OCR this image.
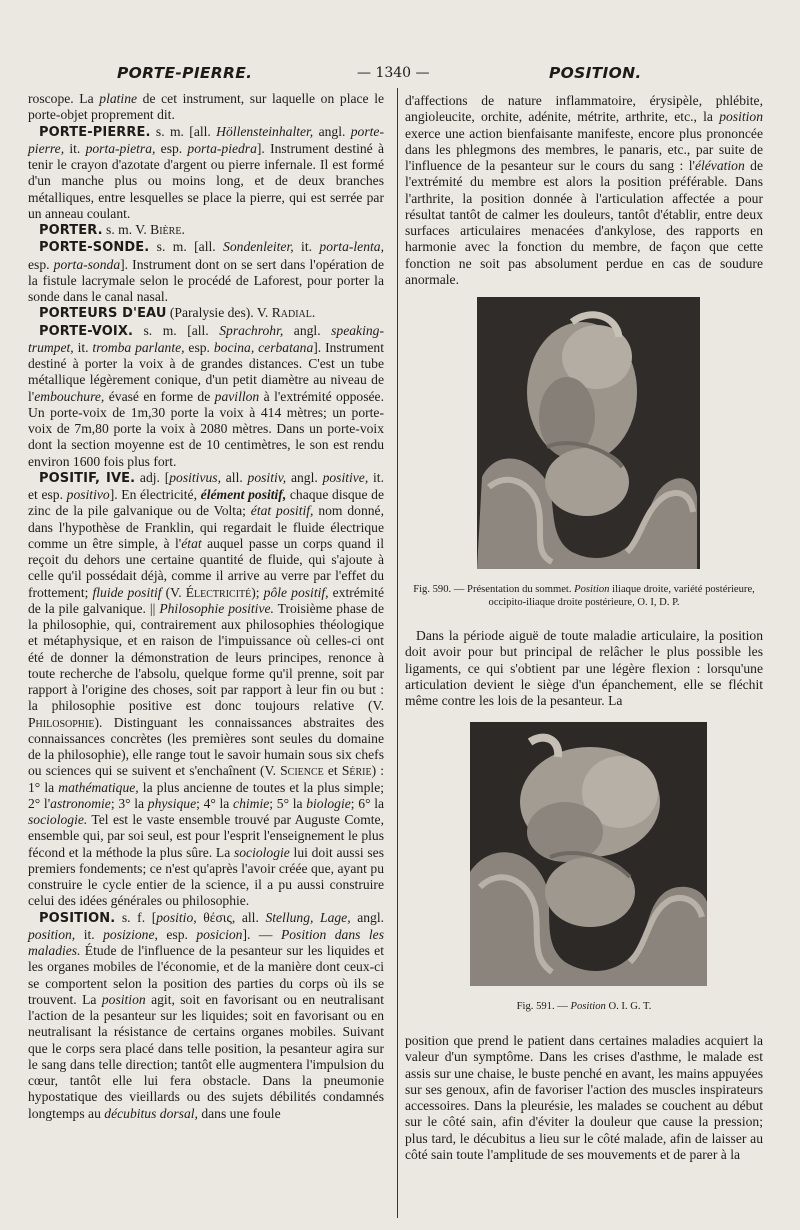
PORTE-PIERRE.	— 1340 —	POSITION.

roscope. La platine de cet instrument, sur laquelle on place le porte-objet proprement dit.

PORTE-PIERRE. s. m. [all. Höllensteinhalter, angl. porte-pierre, it. porta-pietra, esp. porta-piedra]. Instrument destiné à tenir le crayon d'azotate d'argent ou pierre infernale. Il est formé d'un manche plus ou moins long, et de deux branches métalliques, entre lesquelles se place la pierre, qui est serrée par un anneau coulant.

PORTER. s. m. V. Bière.

PORTE-SONDE. s. m. [all. Sondenleiter, it. porta-lenta, esp. porta-sonda]. Instrument dont on se sert dans l'opération de la fistule lacrymale selon le procédé de Laforest, pour porter la sonde dans le canal nasal.

PORTEURS D'EAU (Paralysie des). V. Radial.

PORTE-VOIX. s. m. [all. Sprachrohr, angl. speaking-trumpet, it. tromba parlante, esp. bocina, cerbatana]. Instrument destiné à porter la voix à de grandes distances. C'est un tube métallique légèrement conique, d'un petit diamètre au niveau de l'embouchure, évasé en forme de pavillon à l'extrémité opposée. Un porte-voix de 1m,30 porte la voix à 414 mètres; un porte-voix de 7m,80 porte la voix à 2080 mètres. Dans un porte-voix dont la section moyenne est de 10 centimètres, le son est rendu environ 1600 fois plus fort.

POSITIF, IVE. adj. [positivus, all. positiv, angl. positive, it. et esp. positivo]. En électricité, élément positif, chaque disque de zinc de la pile galvanique ou de Volta; état positif, nom donné, dans l'hypothèse de Franklin, qui regardait le fluide électrique comme un être simple, à l'état auquel passe un corps quand il reçoit du dehors une certaine quantité de fluide, qui s'ajoute à celle qu'il possédait déjà, comme il arrive au verre par l'effet du frottement; fluide positif (V. Électricité); pôle positif, extrémité de la pile galvanique. || Philosophie positive. Troisième phase de la philosophie, qui, contrairement aux philosophies théologique et métaphysique, et en raison de l'impuissance où celles-ci ont été de donner la démonstration de leurs principes, renonce à toute recherche de l'absolu, quelque forme qu'il prenne, soit par rapport à l'origine des choses, soit par rapport à leur fin ou but : la philosophie positive est donc toujours relative (V. Philosophie). Distinguant les connaissances abstraites des connaissances concrètes (les premières sont seules du domaine de la philosophie), elle range tout le savoir humain sous six chefs ou sciences qui se suivent et s'enchaînent (V. Science et Série) : 1° la mathématique, la plus ancienne de toutes et la plus simple; 2° l'astronomie; 3° la physique; 4° la chimie; 5° la biologie; 6° la sociologie. Tel est le vaste ensemble trouvé par Auguste Comte, ensemble qui, par soi seul, est pour l'esprit l'enseignement le plus fécond et la méthode la plus sûre. La sociologie lui doit aussi ses premiers fondements; ce n'est qu'après l'avoir créée que, ayant pu construire le cycle entier de la science, il a pu aussi construire celui des idées générales ou philosophie.

POSITION. s. f. [positio, θέσις, all. Stellung, Lage, angl. position, it. posizione, esp. posicion]. — Position dans les maladies. Étude de l'influence de la pesanteur sur les liquides et les organes mobiles de l'économie, et de la manière dont ceux-ci se comportent selon la position des parties du corps où ils se trouvent. La position agit, soit en favorisant ou en neutralisant l'action de la pesanteur sur les liquides; soit en favorisant ou en neutralisant la résistance de certains organes mobiles. Suivant que le corps sera placé dans telle position, la pesanteur agira sur le sang dans telle direction; tantôt elle augmentera l'impulsion du cœur, tantôt elle lui fera obstacle. Dans la pneumonie hypostatique des vieillards ou des sujets débilités condamnés longtemps au décubitus dorsal, dans une foule

d'affections de nature inflammatoire, érysipèle, phlébite, angioleucite, orchite, adénite, métrite, arthrite, etc., la position exerce une action bienfaisante manifeste, encore plus prononcée dans les phlegmons des membres, le panaris, etc., par suite de l'influence de la pesanteur sur le cours du sang : l'élévation de l'extrémité du membre est alors la position préférable. Dans l'arthrite, la position donnée à l'articulation affectée a pour résultat tantôt de calmer les douleurs, tantôt d'établir, entre deux surfaces articulaires menacées d'ankylose, des rapports en harmonie avec la fonction du membre, de façon que cette fonction ne soit pas absolument perdue en cas de soudure anormale.

Fig. 590. — Présentation du sommet. Position iliaque droite, variété postérieure, occipito-iliaque droite postérieure, O. I, D. P.

Dans la période aiguë de toute maladie articulaire, la position doit avoir pour but principal de relâcher le plus possible les ligaments, ce qui s'obtient par une légère flexion : lorsqu'une articulation devient le siège d'un épanchement, elle se fléchit même contre les lois de la pesanteur. La

Fig. 591. — Position O. I. G. T.

position que prend le patient dans certaines maladies acquiert la valeur d'un symptôme. Dans les crises d'asthme, le malade est assis sur une chaise, le buste penché en avant, les mains appuyées sur ses genoux, afin de favoriser l'action des muscles inspirateurs accessoires. Dans la pleurésie, les malades se couchent au début sur le côté sain, afin d'éviter la douleur que cause la pression; plus tard, le décubitus a lieu sur le côté malade, afin de laisser au côté sain toute l'amplitude de ses mouvements et de parer à la
